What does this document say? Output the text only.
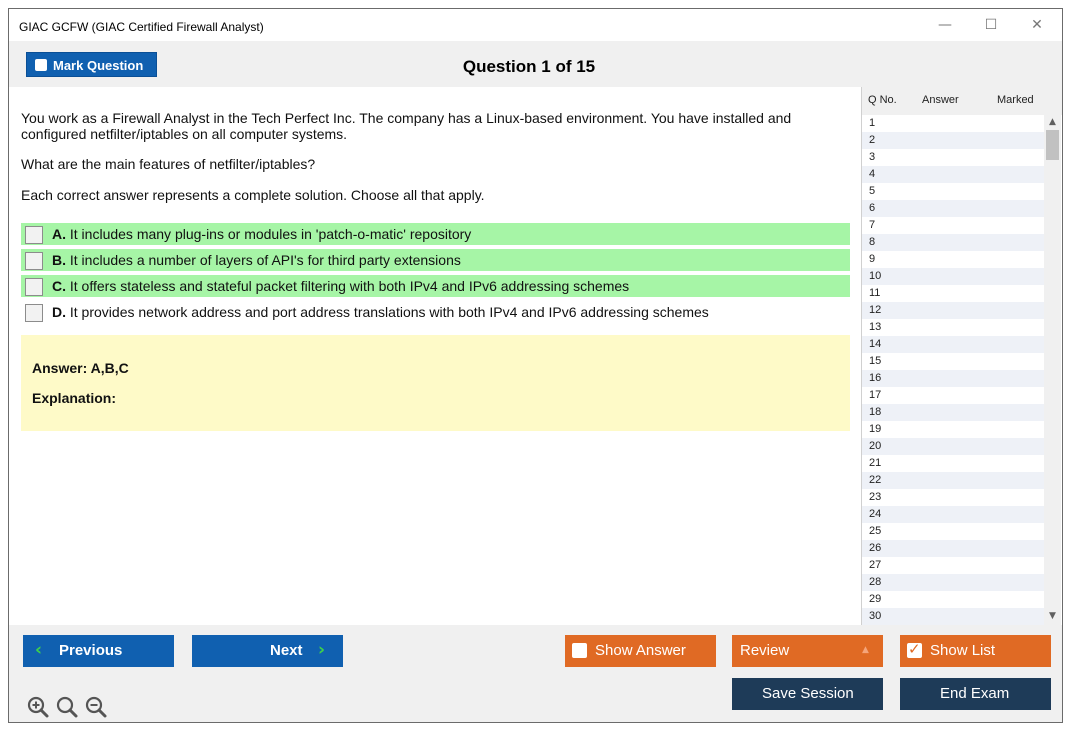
GIAC GCFW (GIAC Certified Firewall Analyst)	—	☐	✕
Mark Question	Question 1 of 15
You work as a Firewall Analyst in the Tech Perfect Inc. The company has a Linux-based environment. You have installed and configured netfilter/iptables on all computer systems.
What are the main features of netfilter/iptables?
Each correct answer represents a complete solution. Choose all that apply.
A. It includes many plug-ins or modules in 'patch-o-matic' repository
B. It includes a number of layers of API's for third party extensions
C. It offers stateless and stateful packet filtering with both IPv4 and IPv6 addressing schemes
D. It provides network address and port address translations with both IPv4 and IPv6 addressing schemes
Answer: A,B,C
Explanation:
Q No. Answer	Marked
1
2
3
4
5
6
7
8
9
10
11
12
13
14
15
16
17
18
19
20
21
22
23
24
25
26
27
28
29
30
▲
▼
‹ Previous	Next ›	Show Answer	Review	▲
✓	Show List
Save Session	End Exam
